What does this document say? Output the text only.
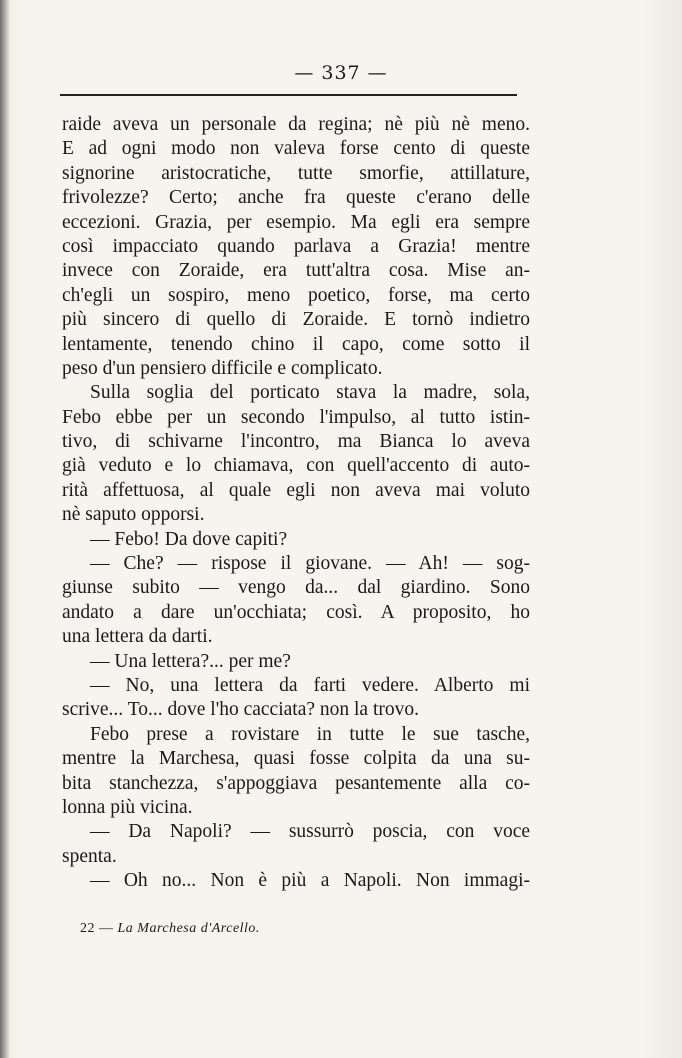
— 337 —
raide aveva un personale da regina; nè più nè meno.
E ad ogni modo non valeva forse cento di queste
signorine aristocratiche, tutte smorfie, attillature,
frivolezze? Certo; anche fra queste c'erano delle
eccezioni. Grazia, per esempio. Ma egli era sempre
così impacciato quando parlava a Grazia! mentre
invece con Zoraide, era tutt'altra cosa. Mise an-
ch'egli un sospiro, meno poetico, forse, ma certo
più sincero di quello di Zoraide. E tornò indietro
lentamente, tenendo chino il capo, come sotto il
peso d'un pensiero difficile e complicato.
Sulla soglia del porticato stava la madre, sola,
Febo ebbe per un secondo l'impulso, al tutto istin-
tivo, di schivarne l'incontro, ma Bianca lo aveva
già veduto e lo chiamava, con quell'accento di auto-
rità affettuosa, al quale egli non aveva mai voluto
nè saputo opporsi.
— Febo! Da dove capiti?
— Che? — rispose il giovane. — Ah! — sog-
giunse subito — vengo da... dal giardino. Sono
andato a dare un'occhiata; così. A proposito, ho
una lettera da darti.
— Una lettera?... per me?
— No, una lettera da farti vedere. Alberto mi
scrive... To... dove l'ho cacciata? non la trovo.
Febo prese a rovistare in tutte le sue tasche,
mentre la Marchesa, quasi fosse colpita da una su-
bita stanchezza, s'appoggiava pesantemente alla co-
lonna più vicina.
— Da Napoli? — sussurrò poscia, con voce
spenta.
— Oh no... Non è più a Napoli. Non immagi-
22 — La Marchesa d'Arcello.
